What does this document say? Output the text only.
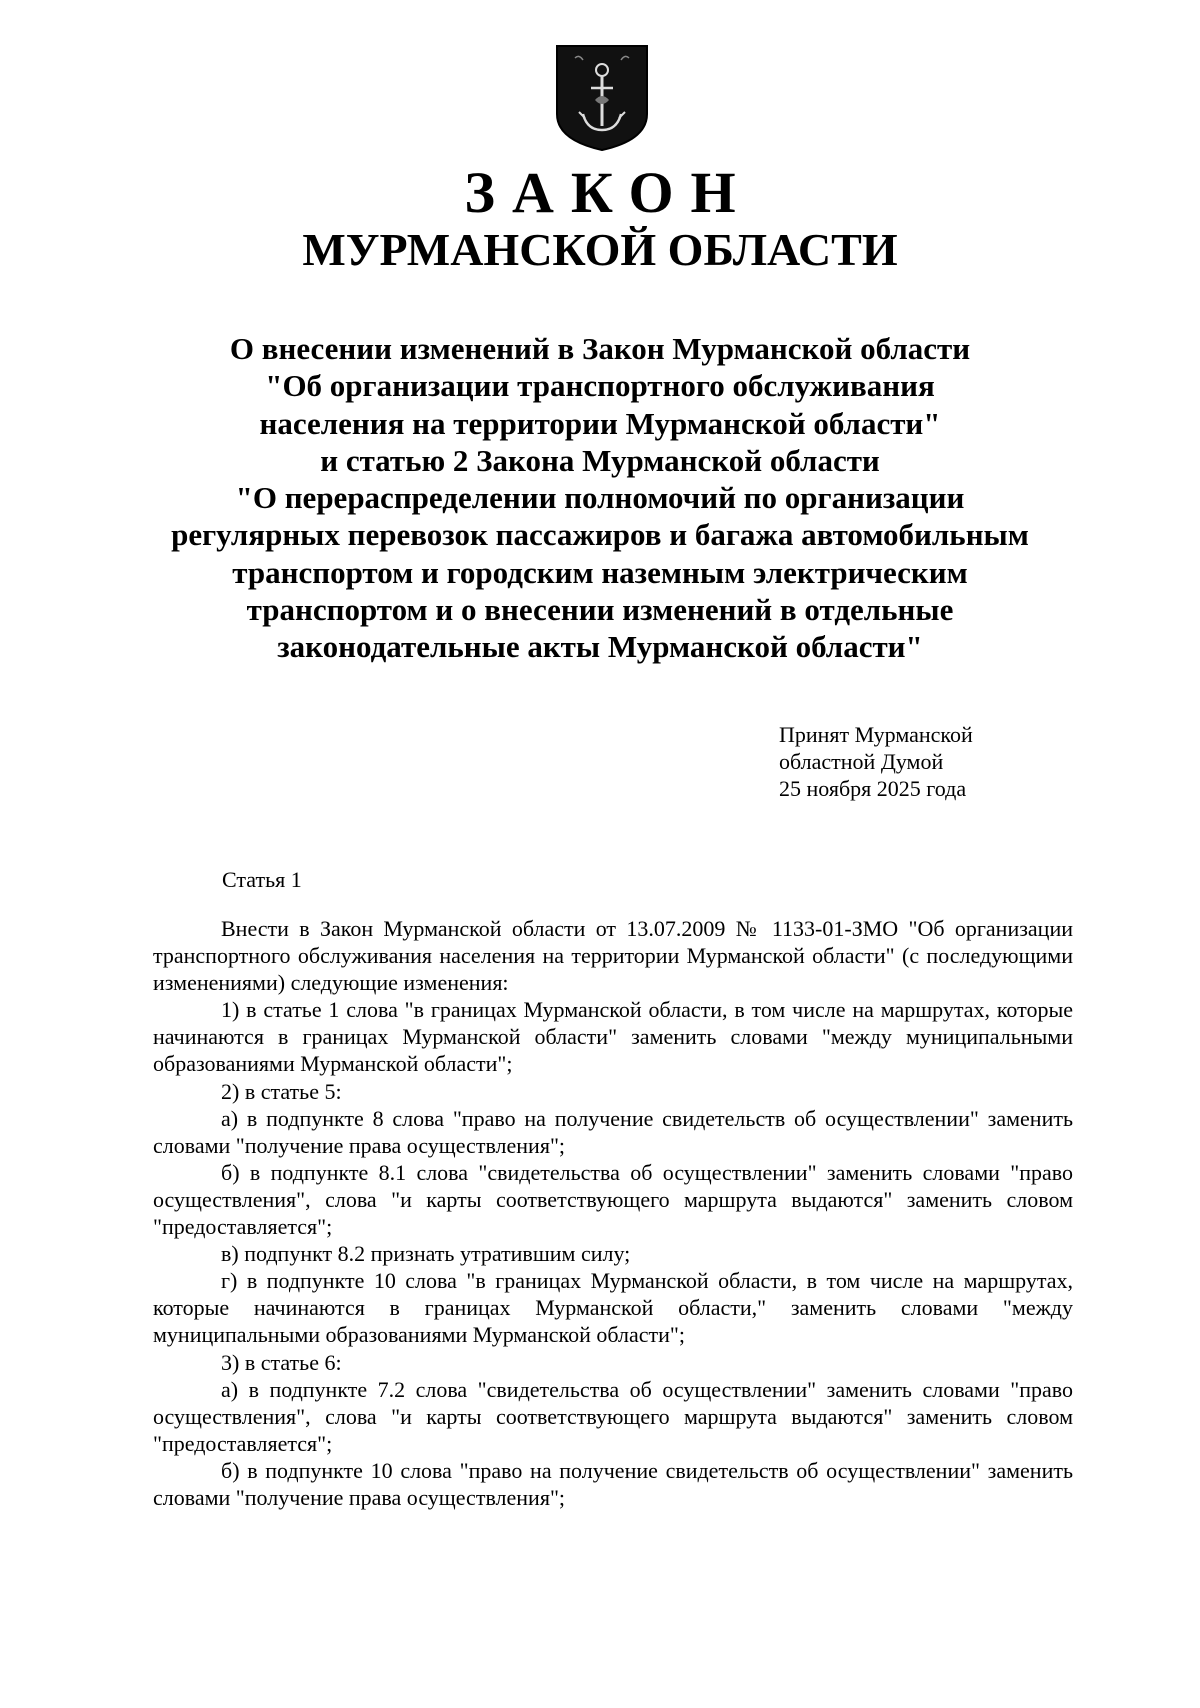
ЗАКОН
МУРМАНСКОЙ ОБЛАСТИ
О внесении изменений в Закон Мурманской области
"Об организации транспортного обслуживания
населения на территории Мурманской области"
и статью 2 Закона Мурманской области
"О перераспределении полномочий по организации
регулярных перевозок пассажиров и багажа автомобильным
транспортом и городским наземным электрическим
транспортом и о внесении изменений в отдельные
законодательные акты Мурманской области"
Принят Мурманской
областной Думой
25 ноября 2025 года
Статья 1
Внести в Закон Мурманской области от 13.07.2009 № 1133-01-ЗМО "Об организации транспортного обслуживания населения на территории Мурманской области" (с последующими изменениями) следующие изменения:
1) в статье 1 слова "в границах Мурманской области, в том числе на маршрутах, которые начинаются в границах Мурманской области" заменить словами "между муниципальными образованиями Мурманской области";
2) в статье 5:
а) в подпункте 8 слова "право на получение свидетельств об осуществлении" заменить словами "получение права осуществления";
б) в подпункте 8.1 слова "свидетельства об осуществлении" заменить словами "право осуществления", слова "и карты соответствующего маршрута выдаются" заменить словом "предоставляется";
в) подпункт 8.2 признать утратившим силу;
г) в подпункте 10 слова "в границах Мурманской области, в том числе на маршрутах, которые начинаются в границах Мурманской области," заменить словами "между муниципальными образованиями Мурманской области";
3) в статье 6:
а) в подпункте 7.2 слова "свидетельства об осуществлении" заменить словами "право осуществления", слова "и карты соответствующего маршрута выдаются" заменить словом "предоставляется";
б) в подпункте 10 слова "право на получение свидетельств об осуществлении" заменить словами "получение права осуществления";
